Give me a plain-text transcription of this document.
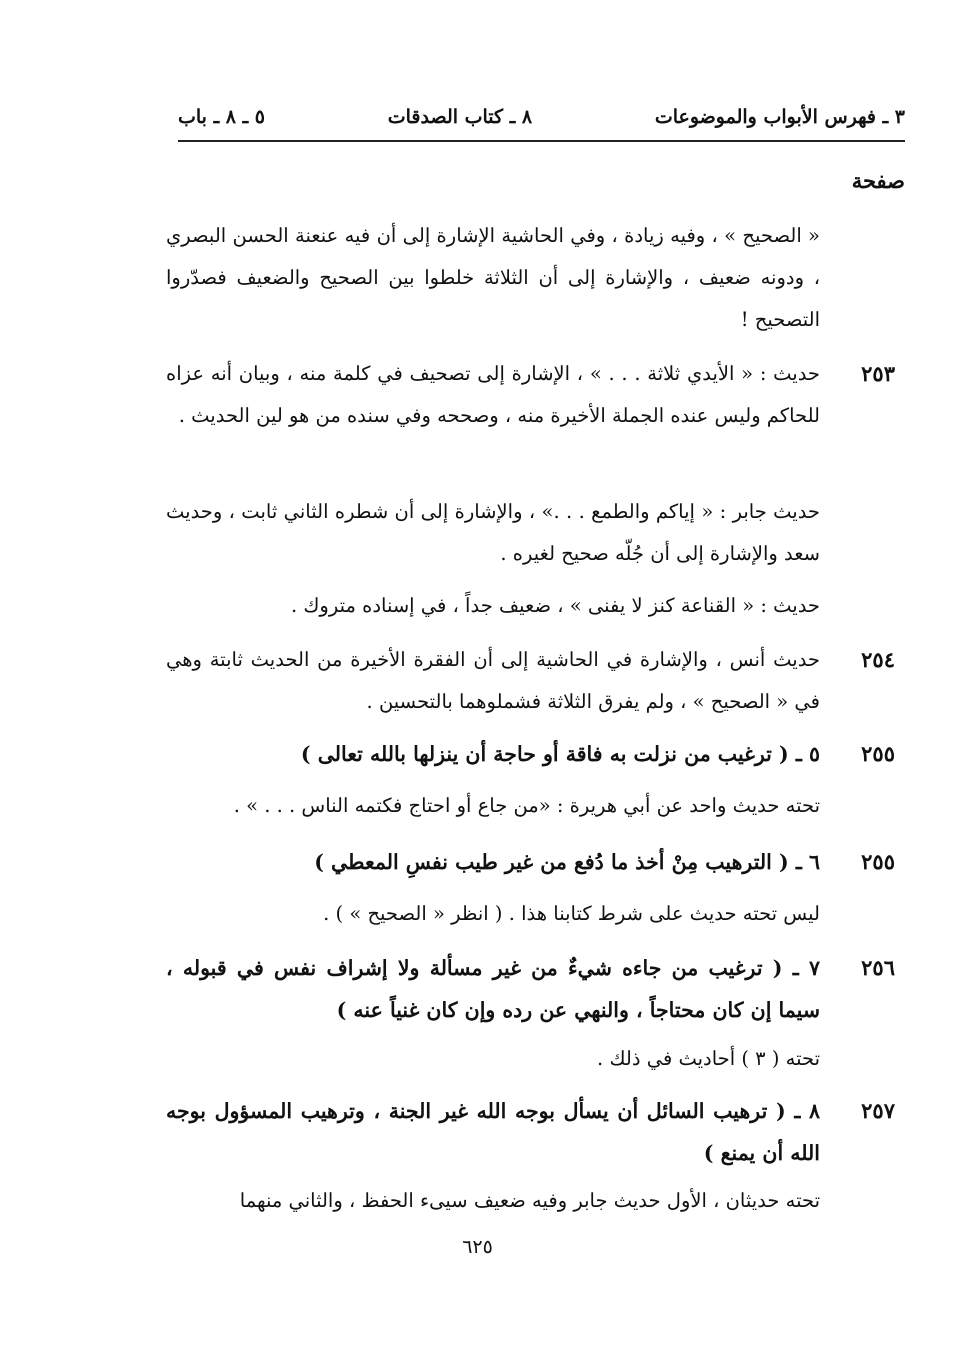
٣ ـ فهرس الأبواب والموضوعات
٨ ـ كتاب الصدقات
٥ ـ ٨ ـ باب
صفحة
« الصحيح » ، وفيه زيادة ، وفي الحاشية الإشارة إلى أن فيه عنعنة الحسن البصري ، ودونه ضعيف ، والإشارة إلى أن الثلاثة خلطوا بين الصحيح والضعيف فصدّروا التصحيح !
٢٥٣
حديث : « الأيدي ثلاثة . . . » ، الإشارة إلى تصحيف في كلمة منه ، وبيان أنه عزاه للحاكم وليس عنده الجملة الأخيرة منه ، وصححه وفي سنده من هو لين الحديث .
حديث جابر : « إياكم والطمع . . .» ، والإشارة إلى أن شطره الثاني ثابت ، وحديث سعد والإشارة إلى أن جُلّه صحيح لغيره .
حديث : « القناعة كنز لا يفنى » ، ضعيف جداً ، في إسناده متروك .
٢٥٤
حديث أنس ، والإشارة في الحاشية إلى أن الفقرة الأخيرة من الحديث ثابتة وهي في « الصحيح » ، ولم يفرق الثلاثة فشملوهما بالتحسين .
٢٥٥
٥ ـ ( ترغيب من نزلت به فاقة أو حاجة أن ينزلها بالله تعالى )
تحته حديث واحد عن أبي هريرة : «من جاع أو احتاج فكتمه الناس . . . » .
٢٥٥
٦ ـ ( الترهيب مِنْ أخذ ما دُفع من غير طيب نفسِ المعطي )
ليس تحته حديث على شرط كتابنا هذا . ( انظر « الصحيح » ) .
٢٥٦
٧ ـ ( ترغيب من جاءه شيءٌ من غير مسألة ولا إشراف نفس في قبوله ، سيما إن كان محتاجاً ، والنهي عن رده وإن كان غنياً عنه )
تحته ( ٣ ) أحاديث في ذلك .
٢٥٧
٨ ـ ( ترهيب السائل أن يسأل بوجه الله غير الجنة ، وترهيب المسؤول بوجه الله أن يمنع )
تحته حديثان ، الأول حديث جابر وفيه ضعيف سيىء الحفظ ، والثاني منهما
٦٢٥
